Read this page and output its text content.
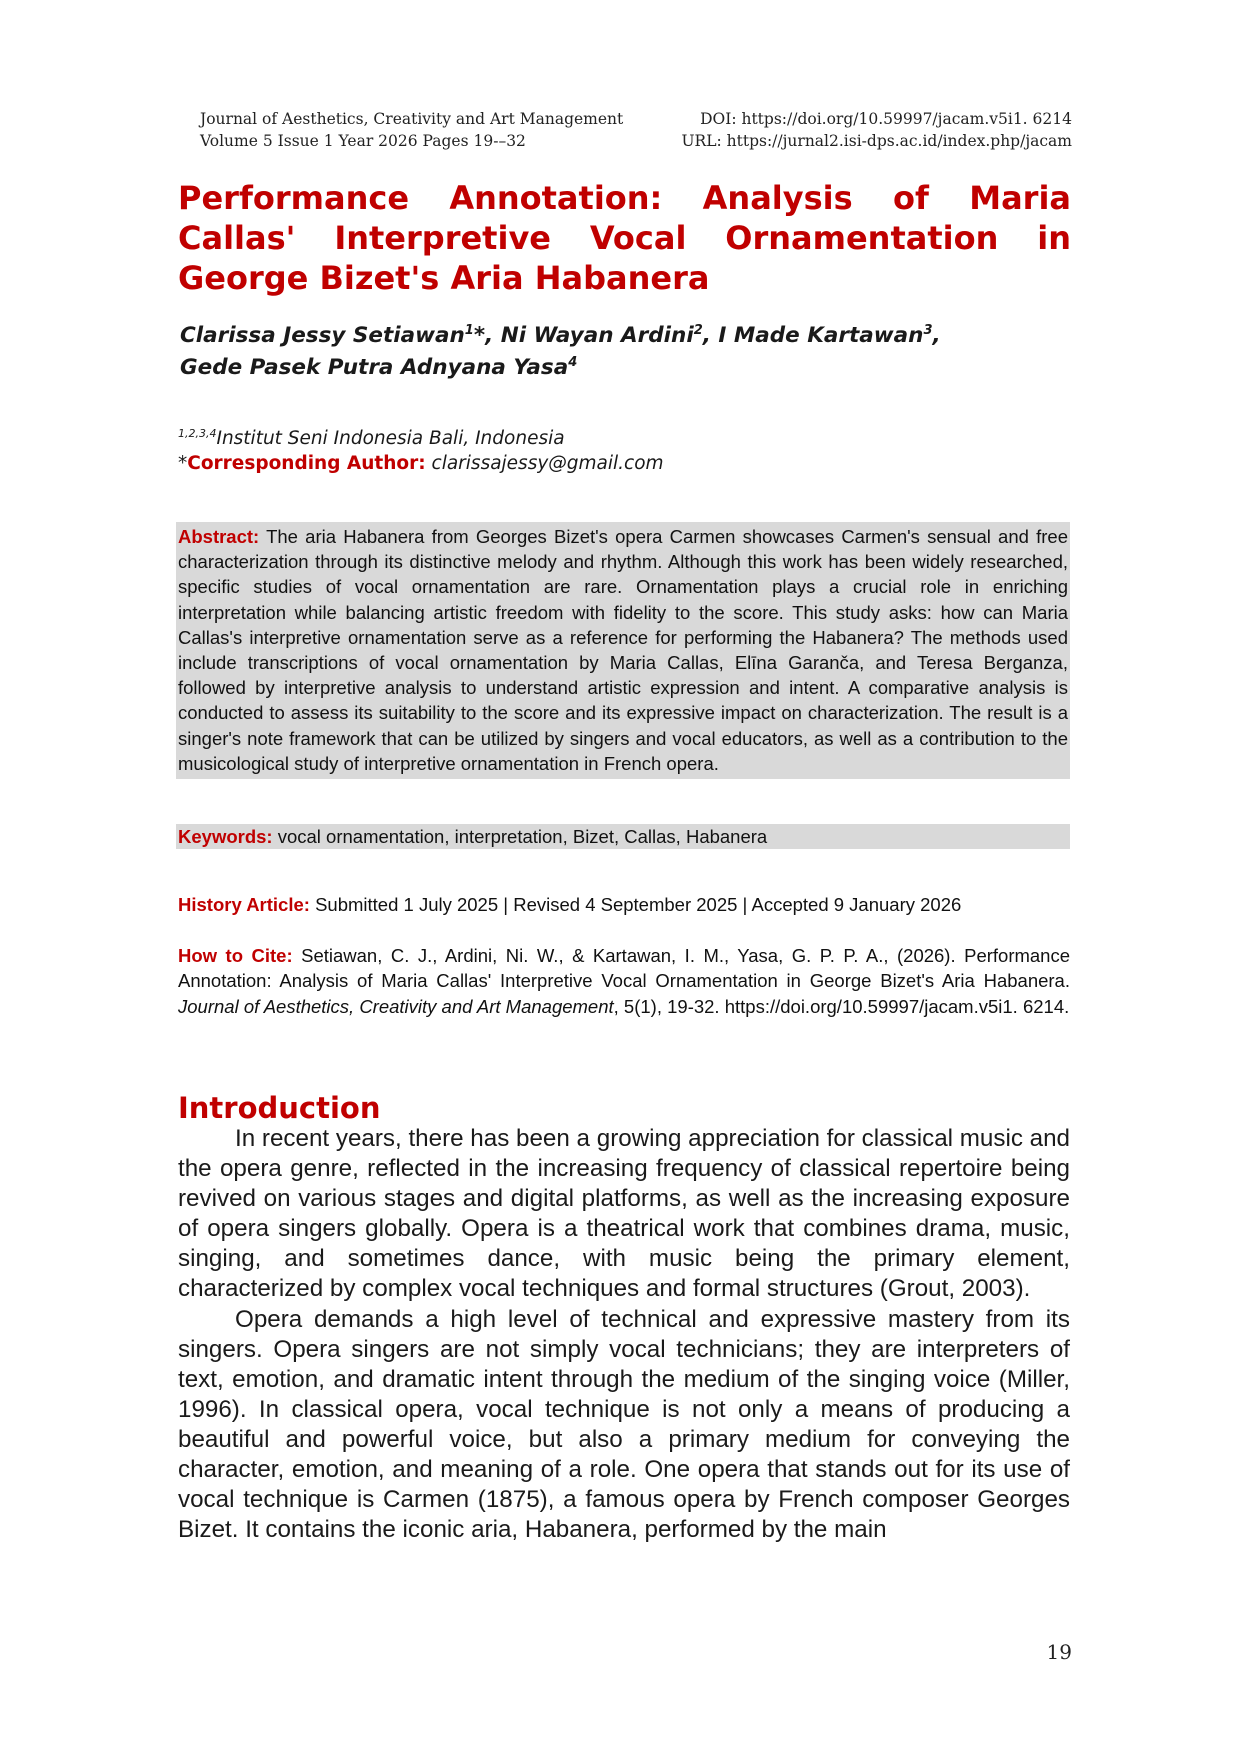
Journal of Aesthetics, Creativity and Art Management	DOI: https://doi.org/10.59997/jacam.v5i1. 6214
Volume 5 Issue 1 Year 2026 Pages 19-–32	URL: https://jurnal2.isi-dps.ac.id/index.php/jacam
Performance Annotation: Analysis of Maria Callas' Interpretive Vocal Ornamentation in George Bizet's Aria Habanera
Clarissa Jessy Setiawan$^1$*, Ni Wayan Ardini$^2$, I Made Kartawan$^3$,
Gede Pasek Putra Adnyana Yasa$^4$
$^{1,2,3,4}$Institut Seni Indonesia Bali, Indonesia
*Corresponding Author: clarissajessy@gmail.com
Abstract: The aria Habanera from Georges Bizet's opera Carmen showcases Carmen's sensual and free characterization through its distinctive melody and rhythm. Although this work has been widely researched, specific studies of vocal ornamentation are rare. Ornamentation plays a crucial role in enriching interpretation while balancing artistic freedom with fidelity to the score. This study asks: how can Maria Callas's interpretive ornamentation serve as a reference for performing the Habanera? The methods used include transcriptions of vocal ornamentation by Maria Callas, Elīna Garanča, and Teresa Berganza, followed by interpretive analysis to understand artistic expression and intent. A comparative analysis is conducted to assess its suitability to the score and its expressive impact on characterization. The result is a singer's note framework that can be utilized by singers and vocal educators, as well as a contribution to the musicological study of interpretive ornamentation in French opera.
Keywords: vocal ornamentation, interpretation, Bizet, Callas, Habanera
History Article: Submitted 1 July 2025 | Revised 4 September 2025 | Accepted 9 January 2026
How to Cite: Setiawan, C. J., Ardini, Ni. W., & Kartawan, I. M., Yasa, G. P. P. A., (2026). Performance Annotation: Analysis of Maria Callas' Interpretive Vocal Ornamentation in George Bizet's Aria Habanera. Journal of Aesthetics, Creativity and Art Management, 5(1), 19-32. https://doi.org/10.59997/jacam.v5i1. 6214.
Introduction

In recent years, there has been a growing appreciation for classical music and the opera genre, reflected in the increasing frequency of classical repertoire being revived on various stages and digital platforms, as well as the increasing exposure of opera singers globally. Opera is a theatrical work that combines drama, music, singing, and sometimes dance, with music being the primary element, characterized by complex vocal techniques and formal structures (Grout, 2003).

Opera demands a high level of technical and expressive mastery from its singers. Opera singers are not simply vocal technicians; they are interpreters of text, emotion, and dramatic intent through the medium of the singing voice (Miller, 1996). In classical opera, vocal technique is not only a means of producing a beautiful and powerful voice, but also a primary medium for conveying the character, emotion, and meaning of a role. One opera that stands out for its use of vocal technique is Carmen (1875), a famous opera by French composer Georges Bizet. It contains the iconic aria, Habanera, performed by the main

19
